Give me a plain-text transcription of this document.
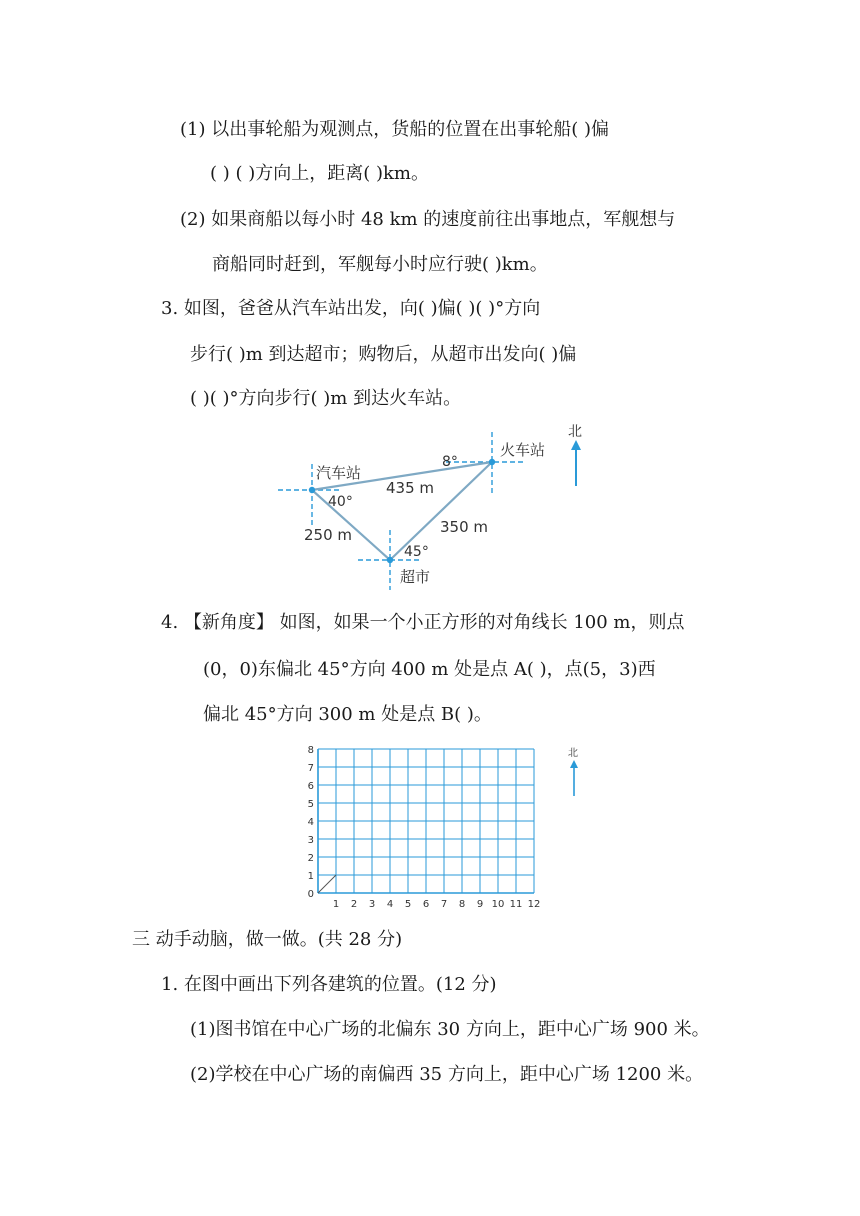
(1) 以出事轮船为观测点，货船的位置在出事轮船( )偏
( ) ( )方向上，距离( )km。
(2) 如果商船以每小时 48 km 的速度前往出事地点，军舰想与
商船同时赶到，军舰每小时应行驶( )km。
3. 如图，爸爸从汽车站出发，向( )偏( )( )°方向
步行( )m 到达超市；购物后，从超市出发向( )偏
( )( )°方向步行( )m 到达火车站。
汽车站
火车站
超市
40°
8°
45°
435 m
250 m	350 m
北
4. 【新角度】 如图，如果一个小正方形的对角线长 100 m，则点
(0，0)东偏北 45°方向 400 m 处是点 A( )，点(5，3)西
偏北 45°方向 300 m 处是点 B( )。
1 2 3 4 5 6 7 8 9 10 11 12
0
1
2
3
4
5
6
7
8	北
三 动手动脑，做一做。(共 28 分)
1. 在图中画出下列各建筑的位置。(12 分)
(1)图书馆在中心广场的北偏东 30 方向上，距中心广场 900 米。
(2)学校在中心广场的南偏西 35 方向上，距中心广场 1200 米。
